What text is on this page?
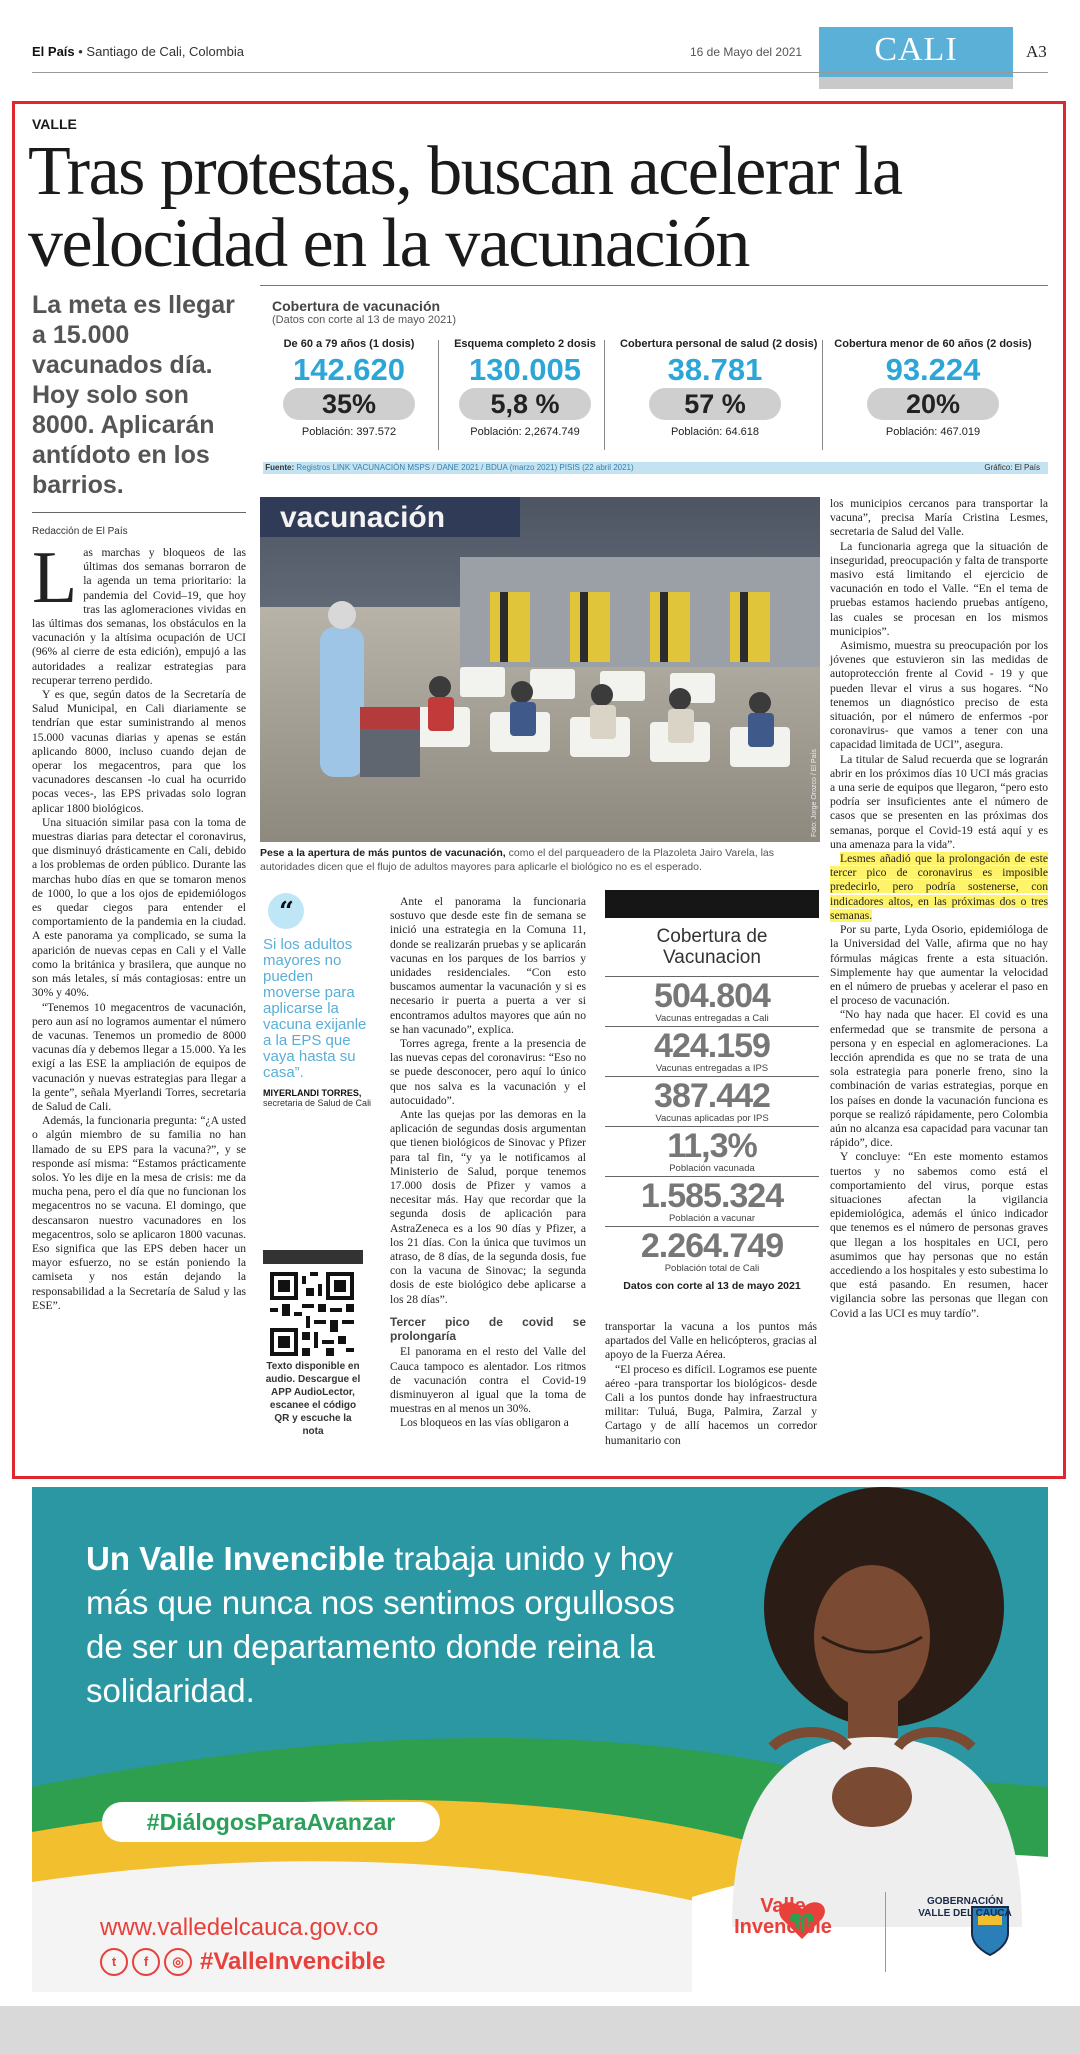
El País • Santiago de Cali, Colombia	16 de Mayo del 2021	CALI	A3
VALLE
Tras protestas, buscan acelerar la velocidad en la vacunación
La meta es llegar a 15.000 vacunados día. Hoy solo son 8000. Aplicarán antídoto en los barrios.
Redacción de El País
Cobertura de vacunación
(Datos con corte al 13 de mayo 2021)
De 60 a 79 años (1 dosis)
142.620
35%
Población: 397.572
Esquema completo 2 dosis
130.005
5,8 %
Población: 2,2674.749
Cobertura personal de salud (2 dosis)
38.781
57 %
Población: 64.618
Cobertura menor de 60 años (2 dosis)
93.224
20%
Población: 467.019
Fuente: Registros LINK VACUNACIÓN MSPS / DANE 2021 / BDUA (marzo 2021) PISIS (22 abril 2021)	Gráfico: El País
vacunación
Foto: Jorge Orozco / El País
Pese a la apertura de más puntos de vacunación, como el del parqueadero de la Plazoleta Jairo Varela, las autoridades dicen que el flujo de adultos mayores para aplicarle el biológico no es el esperado.
L as marchas y bloqueos de las últimas dos semanas borraron de la agenda un tema prioritario: la pandemia del Covid–19, que hoy tras las aglomeraciones vividas en las últimas dos semanas, los obstáculos en la vacunación y la altísima ocupación de UCI (96% al cierre de esta edición), empujó a las autoridades a realizar estrategias para recuperar terreno perdido.

Y es que, según datos de la Secretaría de Salud Municipal, en Cali diariamente se tendrían que estar suministrando al menos 15.000 vacunas diarias y apenas se están aplicando 8000, incluso cuando dejan de operar los megacentros, para que los vacunadores descansen -lo cual ha ocurrido pocas veces-, las EPS privadas solo logran aplicar 1800 biológicos.

Una situación similar pasa con la toma de muestras diarias para detectar el coronavirus, que disminuyó drásticamente en Cali, debido a los problemas de orden público. Durante las marchas hubo días en que se tomaron menos de 1000, lo que a los ojos de epidemiólogos es quedar ciegos para entender el comportamiento de la pandemia en la ciudad. A este panorama ya complicado, se suma la aparición de nuevas cepas en Cali y el Valle como la británica y brasilera, que aunque no son más letales, sí más contagiosas: entre un 30% y 40%.

“Tenemos 10 megacentros de vacunación, pero aun así no logramos aumentar el número de vacunas. Tenemos un promedio de 8000 vacunas día y debemos llegar a 15.000. Ya les exigí a las ESE la ampliación de equipos de vacunación y nuevas estrategias para llegar a la gente”, señala Myerlandi Torres, secretaria de Salud de Cali.

Además, la funcionaria pregunta: “¿A usted o algún miembro de su familia no han llamado de su EPS para la vacuna?”, y se responde así misma: “Estamos prácticamente solos. Yo les dije en la mesa de crisis: me da mucha pena, pero el día que no funcionan los megacentros no se vacuna. El domingo, que descansaron nuestro vacunadores en los megacentros, solo se aplicaron 1800 vacunas. Eso significa que las EPS deben hacer un mayor esfuerzo, no se están poniendo la camiseta y nos están dejando la responsabilidad a la Secretaría de Salud y las ESE”.

“
Si los adultos mayores no pueden moverse para aplicarse la vacuna exijanle a la EPS que vaya hasta su casa”.
MIYERLANDI TORRES,
secretaria de Salud de Cali
Texto disponible en audio. Descargue el APP AudioLector, escanee el código QR y escuche la nota

Ante el panorama la funcionaria sostuvo que desde este fin de semana se inició una estrategia en la Comuna 11, donde se realizarán pruebas y se aplicarán vacunas en los parques de los barrios y unidades residenciales. “Con esto buscamos aumentar la vacunación y si es necesario ir puerta a puerta a ver si encontramos adultos mayores que aún no se han vacunado”, explica.

Torres agrega, frente a la presencia de las nuevas cepas del coronavirus: “Eso no se puede desconocer, pero aquí lo único que nos salva es la vacunación y el autocuidado”.

Ante las quejas por las demoras en la aplicación de segundas dosis argumentan que tienen biológicos de Sinovac y Pfizer para tal fin, “y ya le notificamos al Ministerio de Salud, porque tenemos 17.000 dosis de Pfizer y vamos a necesitar más. Hay que recordar que la segunda dosis de aplicación para AstraZeneca es a los 90 días y Pfizer, a los 21 días. Con la única que tuvimos un atraso, de 8 días, de la segunda dosis, fue con la vacuna de Sinovac; la segunda dosis de este biológico debe aplicarse a los 28 días”.

Tercer pico de covid se prolongaría

El panorama en el resto del Valle del Cauca tampoco es alentador. Los ritmos de vacunación contra el Covid-19 disminuyeron al igual que la toma de muestras en al menos un 30%.

Los bloqueos en las vías obligaron a

Cobertura de Vacunacion
504.804
Vacunas entregadas a Cali
424.159
Vacunas entregadas a IPS
387.442
Vacunas aplicadas por IPS
11,3%
Población vacunada
1.585.324
Población a vacunar
2.264.749
Población total de Cali
Datos con corte al 13 de mayo 2021

transportar la vacuna a los puntos más apartados del Valle en helicópteros, gracias al apoyo de la Fuerza Aérea.

“El proceso es difícil. Logramos ese puente aéreo -para transportar los biológicos- desde Cali a los puntos donde hay infraestructura militar: Tuluá, Buga, Palmira, Zarzal y Cartago y de allí hacemos un corredor humanitario con

los municipios cercanos para transportar la vacuna”, precisa María Cristina Lesmes, secretaria de Salud del Valle.

La funcionaria agrega que la situación de inseguridad, preocupación y falta de transporte masivo está limitando el ejercicio de vacunación en todo el Valle. “En el tema de pruebas estamos haciendo pruebas antígeno, las cuales se procesan en los mismos municipios”.

Asimismo, muestra su preocupación por los jóvenes que estuvieron sin las medidas de autoprotección frente al Covid - 19 y que pueden llevar el virus a sus hogares. “No tenemos un diagnóstico preciso de esta situación, por el número de enfermos -por coronavirus- que vamos a tener con una capacidad limitada de UCI”, asegura.

La titular de Salud recuerda que se lograrán abrir en los próximos días 10 UCI más gracias a una serie de equipos que llegaron, “pero esto podría ser insuficientes ante el número de casos que se presenten en las próximas dos semanas, porque el Covid-19 está aquí y es una amenaza para la vida”.

Lesmes añadió que la prolongación de este tercer pico de coronavirus es imposible predecirlo, pero podría sostenerse, con indicadores altos, en las próximas dos o tres semanas.

Por su parte, Lyda Osorio, epidemióloga de la Universidad del Valle, afirma que no hay fórmulas mágicas frente a esta situación. Simplemente hay que aumentar la velocidad en el número de pruebas y acelerar el paso en el proceso de vacunación.

“No hay nada que hacer. El covid es una enfermedad que se transmite de persona a persona y en especial en aglomeraciones. La lección aprendida es que no se trata de una sola estrategia para ponerle freno, sino la combinación de varias estrategias, porque en los países en donde la vacunación funciona es porque se realizó rápidamente, pero Colombia aún no alcanza esa capacidad para vacunar tan rápido”, dice.

Y concluye: “En este momento estamos tuertos y no sabemos como está el comportamiento del virus, porque estas situaciones afectan la vigilancia epidemiológica, además el único indicador que tenemos es el número de personas graves que llegan a los hospitales en UCI, pero asumimos que hay personas que no están accediendo a los hospitales y esto subestima lo que está pasando. En resumen, hacer vigilancia sobre las personas que llegan con Covid a las UCI es muy tardío”.

Un Valle Invencible trabaja unido y hoy más que nunca nos sentimos orgullosos de ser un departamento donde reina la solidaridad.
#DiálogosParaAvanzar
www.valledelcauca.gov.co
t f ◎ #ValleInvencible
Valle
Invencible
GOBERNACIÓN
VALLE DEL CAUCA
